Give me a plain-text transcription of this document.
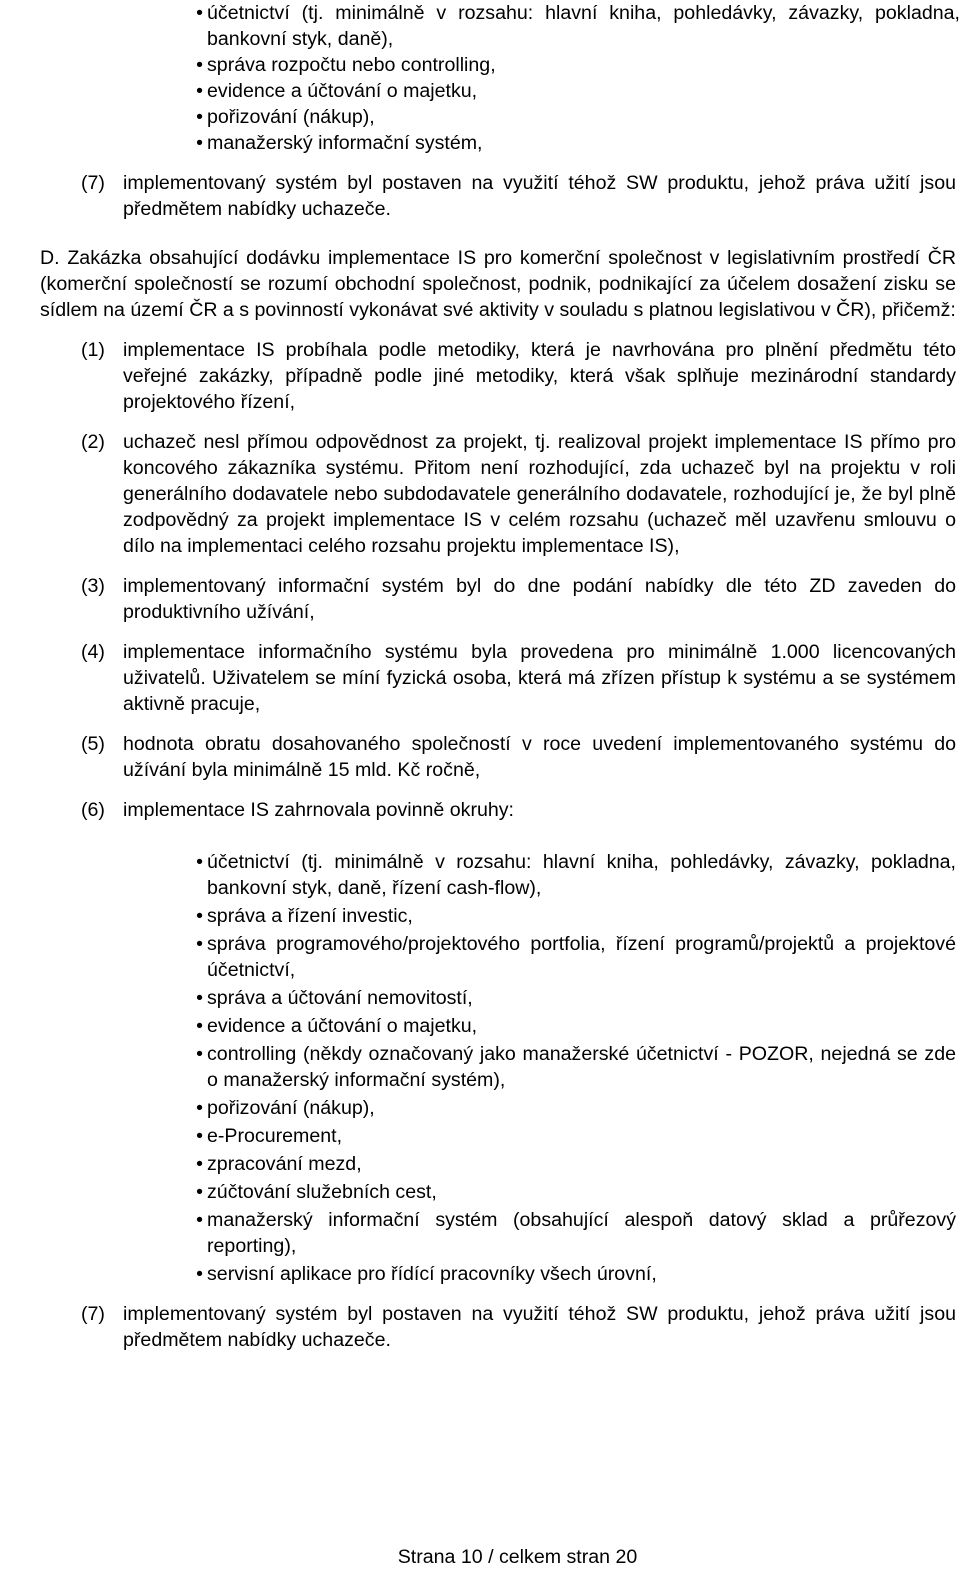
• účetnictví (tj. minimálně v rozsahu: hlavní kniha, pohledávky, závazky, pokladna, bankovní styk, daně),
• správa rozpočtu nebo controlling,
• evidence a účtování o majetku,
• pořizování (nákup),
• manažerský informační systém,
(7) implementovaný systém byl postaven na využití téhož SW produktu, jehož práva užití jsou předmětem nabídky uchazeče.

D. Zakázka obsahující dodávku implementace IS pro komerční společnost v legislativním prostředí ČR (komerční společností se rozumí obchodní společnost, podnik, podnikající za účelem dosažení zisku se sídlem na území ČR a s povinností vykonávat své aktivity v souladu s platnou legislativou v ČR), přičemž:

(1) implementace IS probíhala podle metodiky, která je navrhována pro plnění předmětu této veřejné zakázky, případně podle jiné metodiky, která však splňuje mezinárodní standardy projektového řízení,
(2) uchazeč nesl přímou odpovědnost za projekt, tj. realizoval projekt implementace IS přímo pro koncového zákazníka systému. Přitom není rozhodující, zda uchazeč byl na projektu v roli generálního dodavatele nebo subdodavatele generálního dodavatele, rozhodující je, že byl plně zodpovědný za projekt implementace IS v celém rozsahu (uchazeč měl uzavřenu smlouvu o dílo na implementaci celého rozsahu projektu implementace IS),
(3) implementovaný informační systém byl do dne podání nabídky dle této ZD zaveden do produktivního užívání,
(4) implementace informačního systému byla provedena pro minimálně 1.000 licencovaných uživatelů. Uživatelem se míní fyzická osoba, která má zřízen přístup k systému a se systémem aktivně pracuje,
(5) hodnota obratu dosahovaného společností v roce uvedení implementovaného systému do užívání byla minimálně 15 mld. Kč ročně,
(6) implementace IS zahrnovala povinně okruhy:
• účetnictví (tj. minimálně v rozsahu: hlavní kniha, pohledávky, závazky, pokladna, bankovní styk, daně, řízení cash-flow),
• správa a řízení investic,
• správa programového/projektového portfolia, řízení programů/projektů a projektové účetnictví,
• správa a účtování nemovitostí,
• evidence a účtování o majetku,
• controlling (někdy označovaný jako manažerské účetnictví - POZOR, nejedná se zde o manažerský informační systém),
• pořizování (nákup),
• e-Procurement,
• zpracování mezd,
• zúčtování služebních cest,
• manažerský informační systém (obsahující alespoň datový sklad a průřezový reporting),
• servisní aplikace pro řídící pracovníky všech úrovní,
(7) implementovaný systém byl postaven na využití téhož SW produktu, jehož práva užití jsou předmětem nabídky uchazeče.
Strana 10 / celkem stran 20
